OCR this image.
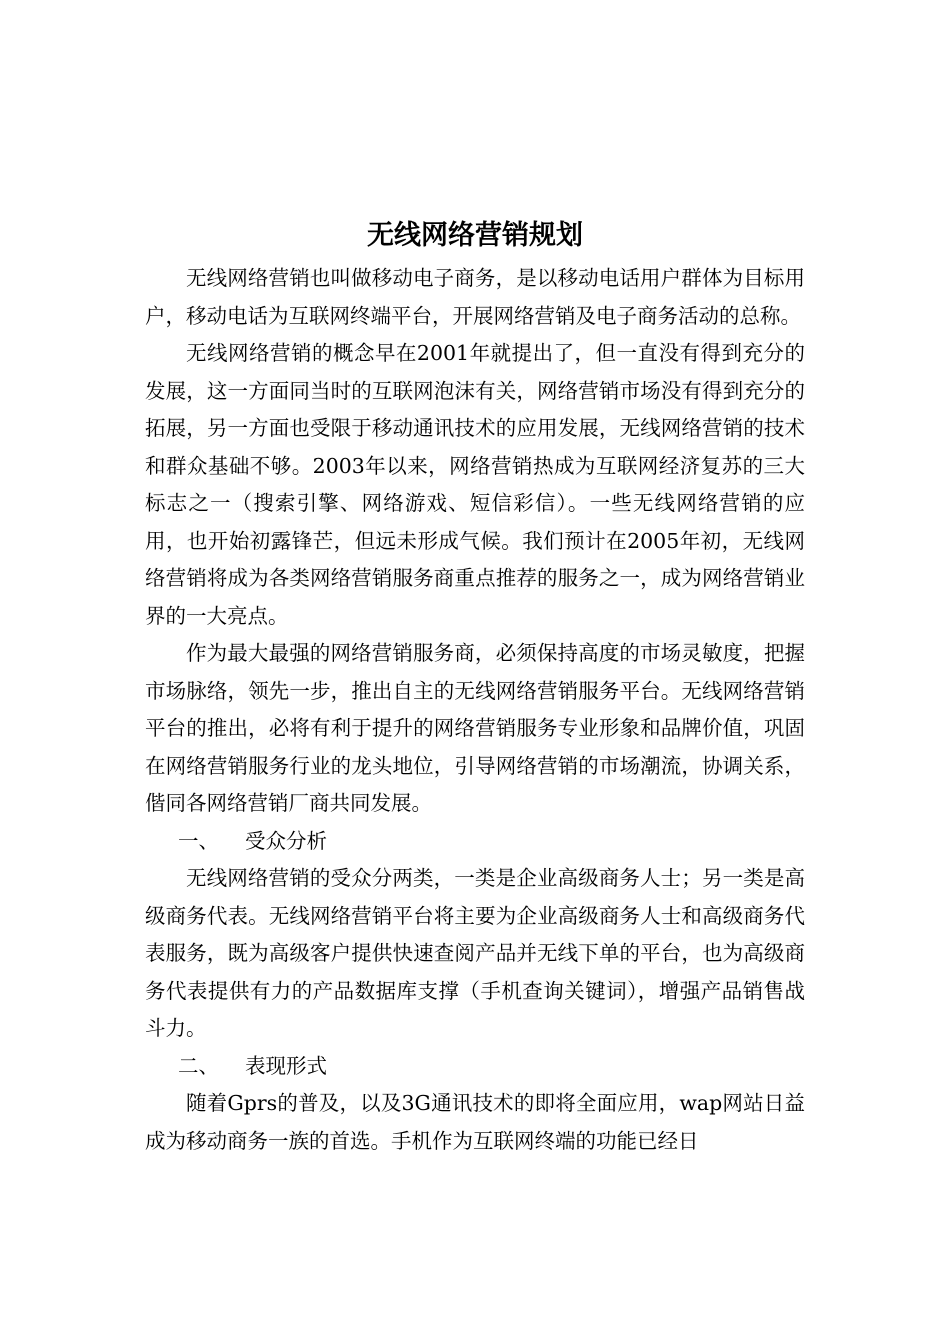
无线网络营销规划

无线网络营销也叫做移动电子商务，是以移动电话用户群体为目标用户，移动电话为互联网终端平台，开展网络营销及电子商务活动的总称。

无线网络营销的概念早在2001年就提出了，但一直没有得到充分的发展，这一方面同当时的互联网泡沫有关，网络营销市场没有得到充分的拓展，另一方面也受限于移动通讯技术的应用发展，无线网络营销的技术和群众基础不够。2003年以来，网络营销热成为互联网经济复苏的三大标志之一（搜索引擎、网络游戏、短信彩信）。一些无线网络营销的应用，也开始初露锋芒，但远未形成气候。我们预计在2005年初，无线网络营销将成为各类网络营销服务商重点推荐的服务之一，成为网络营销业界的一大亮点。

作为最大最强的网络营销服务商，必须保持高度的市场灵敏度，把握市场脉络，领先一步，推出自主的无线网络营销服务平台。无线网络营销平台的推出，必将有利于提升的网络营销服务专业形象和品牌价值，巩固在网络营销服务行业的龙头地位，引导网络营销的市场潮流，协调关系，偕同各网络营销厂商共同发展。

一、	受众分析

无线网络营销的受众分两类，一类是企业高级商务人士；另一类是高级商务代表。无线网络营销平台将主要为企业高级商务人士和高级商务代表服务，既为高级客户提供快速查阅产品并无线下单的平台，也为高级商务代表提供有力的产品数据库支撑（手机查询关键词），增强产品销售战斗力。

二、	表现形式

随着Gprs的普及，以及3G通讯技术的即将全面应用，wap网站日益成为移动商务一族的首选。手机作为互联网终端的功能已经日
